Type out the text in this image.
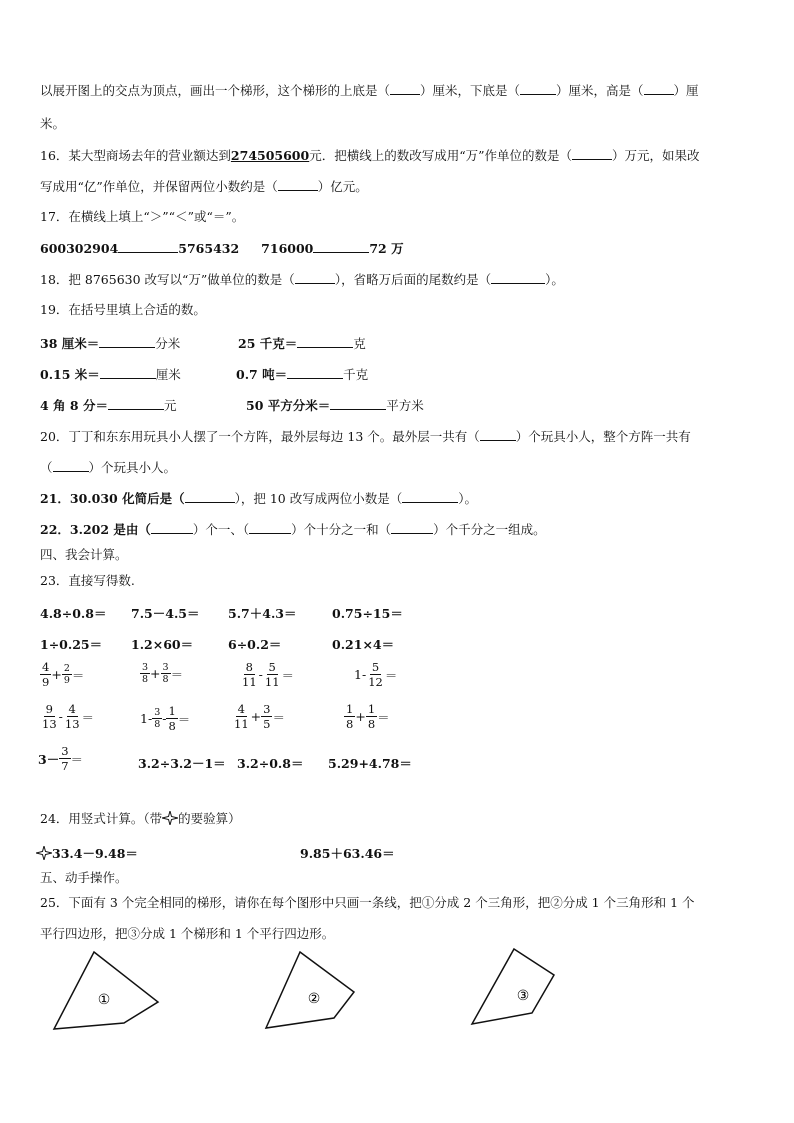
以展开图上的交点为顶点，画出一个梯形，这个梯形的上底是（ ）厘米，下底是（	）厘米，高是（ ）厘
米。
16．某大型商场去年的营业额达到274505600元．把横线上的数改写成用“万”作单位的数是（	）万元，如果改
写成用“亿”作单位，并保留两位小数约是（	）亿元。
17．在横线上填上“＞”“＜”或“＝”。
600302904	5765432 716000	72 万
18．把 8765630 改写以“万”做单位的数是（	），省略万后面的尾数约是（	）。
19．在括号里填上合适的数。
38 厘米＝	分米	25 千克＝	克
0.15 米＝	厘米	0.7 吨＝	千克
4 角 8 分＝	元	50 平方分米＝	平方米
20．丁丁和东东用玩具小人摆了一个方阵，最外层每边 13 个。最外层一共有（	）个玩具小人，整个方阵一共有
（	）个玩具小人。
21．30.030 化简后是（	），把 10 改写成两位小数是（	）。
22．3.202 是由（	）个一、（	）个十分之一和（	）个千分之一组成。
四、我会计算。
23．直接写得数.
4.8÷0.8＝ 7.5－4.5＝ 5.7＋4.3＝	0.75÷15＝
1÷0.25＝ 1.2×60＝	6÷0.2＝	0.21×4＝
$\frac{4}{9} + \frac{2}{9}$ ＝	$\frac{3}{8} + \frac{3}{8}$ ＝	$\frac{8}{11} - \frac{5}{11}$ ＝	$1- \frac{5}{12}$ ＝
$\frac{9}{13} - \frac{4}{13}$ ＝	$1- \frac{3}{8} - \frac{1}{8}$ ＝	$\frac{4}{11} + \frac{3}{5}$ ＝	$\frac{1}{8} + \frac{1}{8}$ ＝
$3- \frac{3}{7}$ ＝	3.2÷3.2－1＝ 3.2÷0.8＝ 5.29+4.78＝
24．用竖式计算。（带 的要验算）
33.4－9.48＝	9.85＋63.46＝
五、动手操作。
25．下面有 3 个完全相同的梯形，请你在每个图形中只画一条线，把①分成 2 个三角形，把②分成 1 个三角形和 1 个
平行四边形，把③分成 1 个梯形和 1 个平行四边形。
①	②	③
